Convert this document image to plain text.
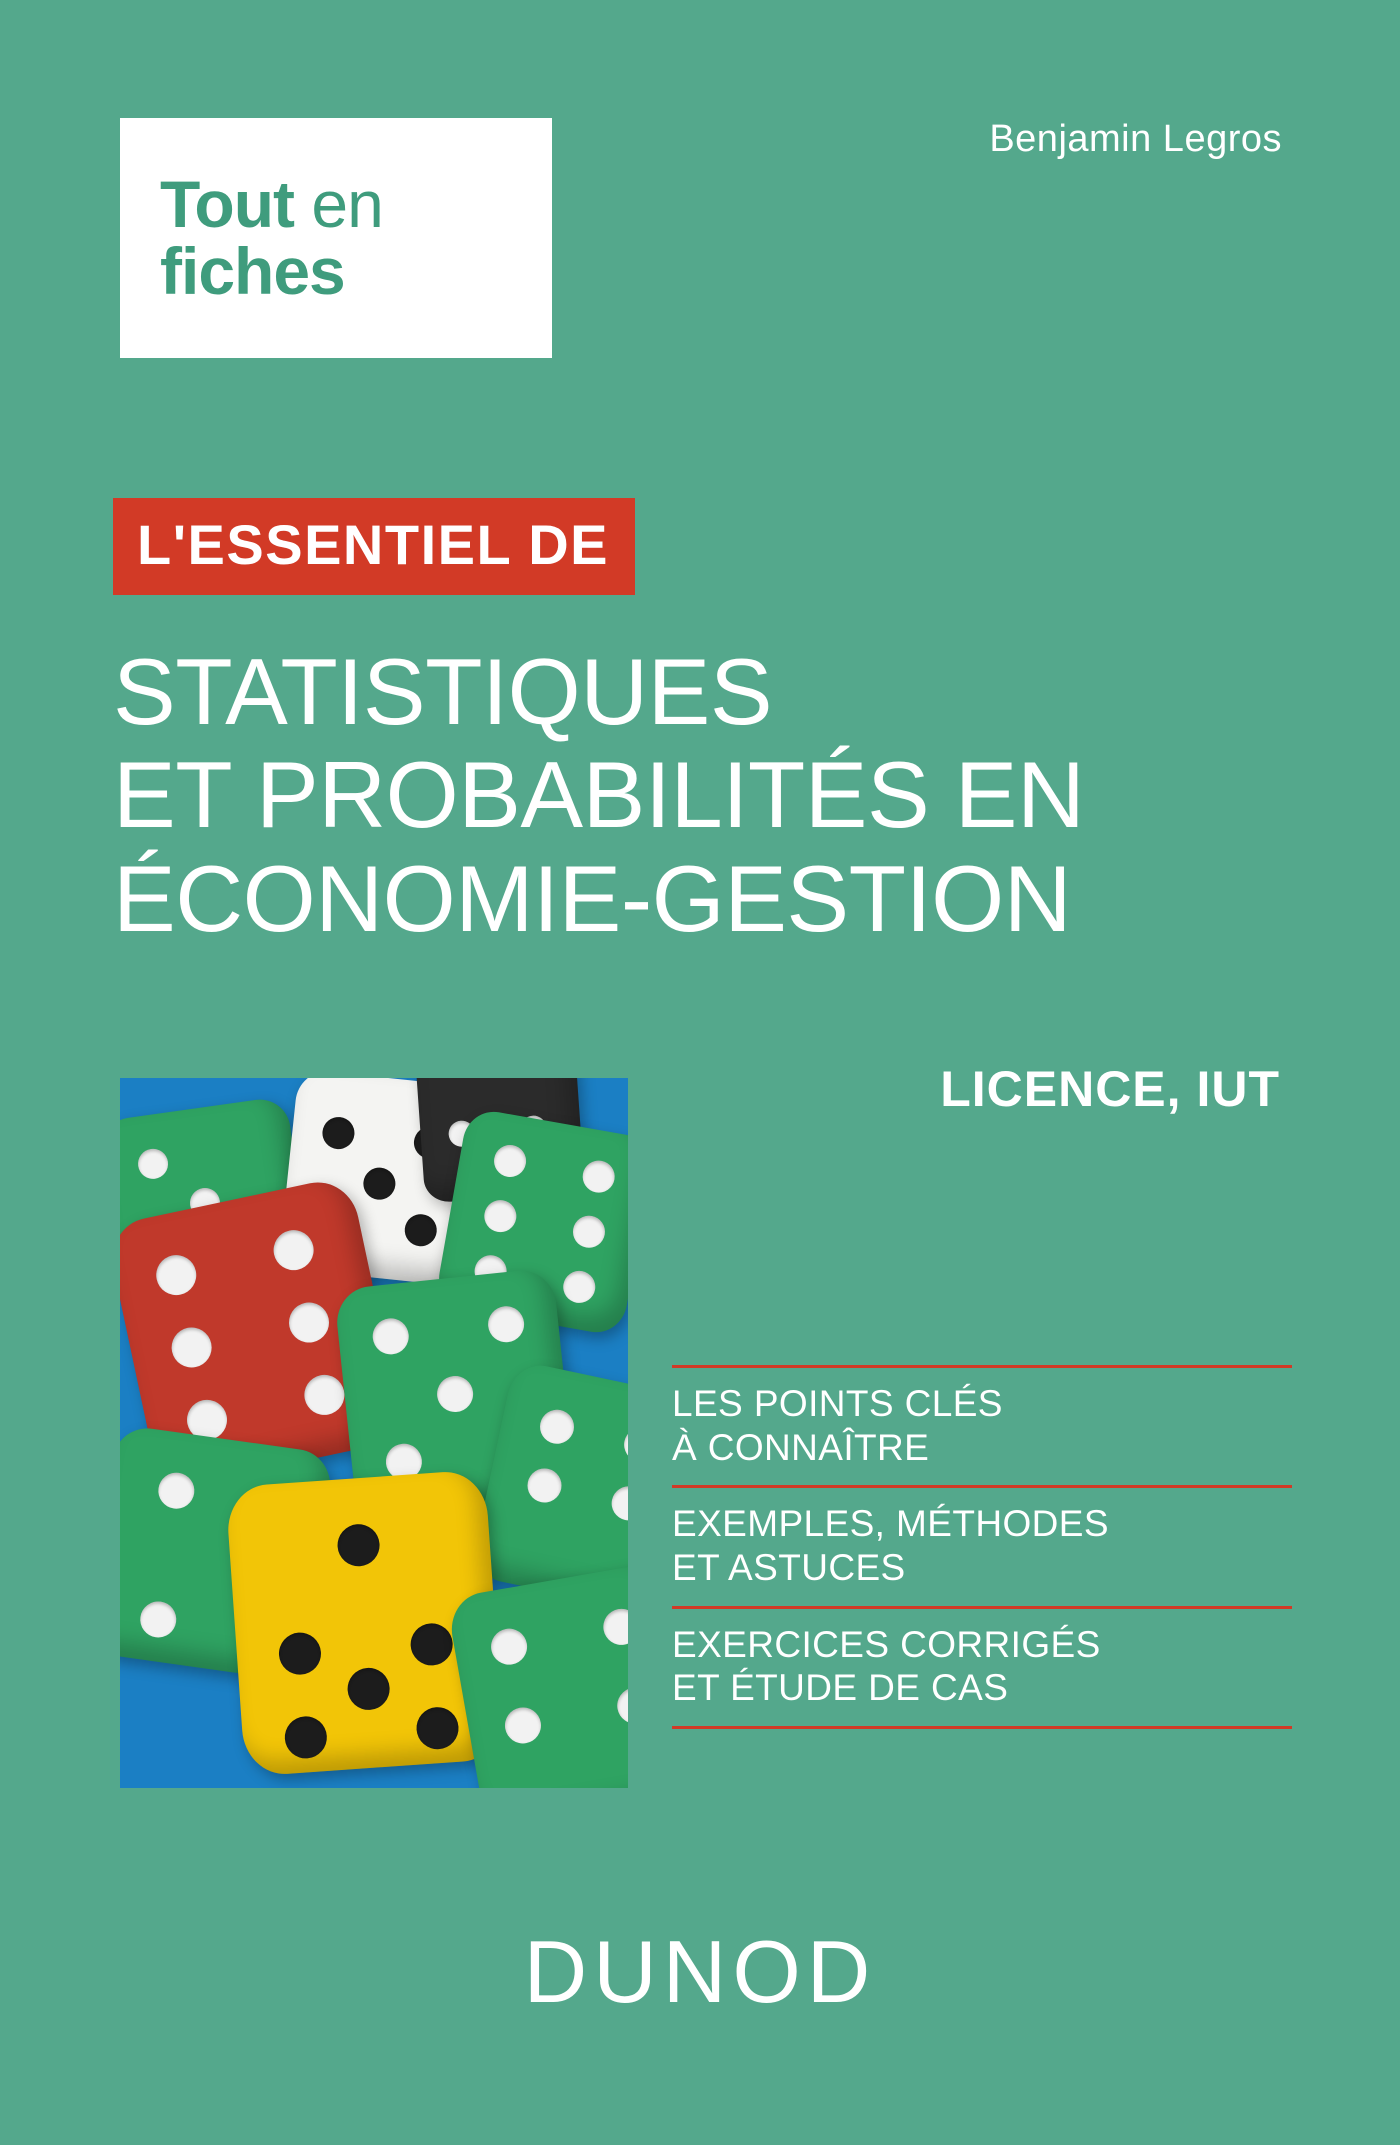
Tout en
fiches
Benjamin Legros
L'ESSENTIEL DE
STATISTIQUES
ET PROBABILITÉS EN
ÉCONOMIE-GESTION
LICENCE, IUT
LES POINTS CLÉS
À CONNAÎTRE
EXEMPLES, MÉTHODES
ET ASTUCES
EXERCICES CORRIGÉS
ET ÉTUDE DE CAS
DUNOD
